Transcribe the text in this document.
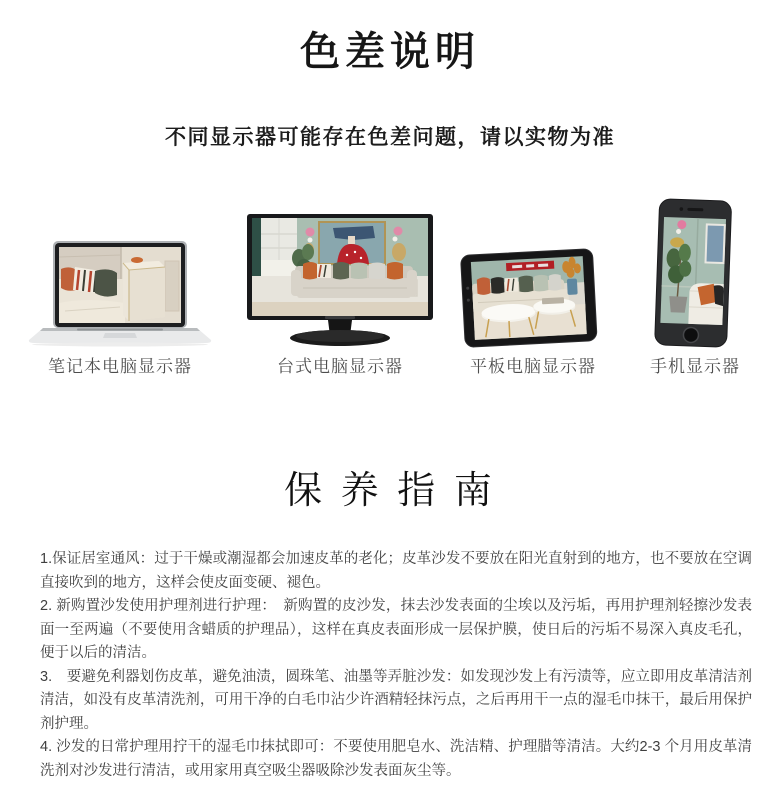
色差说明

不同显示器可能存在色差问题，请以实物为准

笔记本电脑显示器	台式电脑显示器	平板电脑显示器	手机显示器
保 养 指 南

1.保证居室通风：过于干燥或潮湿都会加速皮革的老化；皮革沙发不要放在阳光直射到的地方，也不要放在空调直接吹到的地方，这样会使皮面变硬、褪色。

2. 新购置沙发使用护理剂进行护理：　新购置的皮沙发，抹去沙发表面的尘埃以及污垢，再用护理剂轻擦沙发表面一至两遍（不要使用含蜡质的护理品），这样在真皮表面形成一层保护膜，使日后的污垢不易深入真皮毛孔，便于以后的清洁。

3.　要避免利器划伤皮革，避免油渍，圆珠笔、油墨等弄脏沙发：如发现沙发上有污渍等，应立即用皮革清洁剂清洁，如没有皮革清洗剂，可用干净的白毛巾沾少许酒精轻抹污点，之后再用干一点的湿毛巾抹干，最后用保护剂护理。

4. 沙发的日常护理用拧干的湿毛巾抹拭即可：不要使用肥皂水、洗洁精、护理腊等清洁。大约2-3 个月用皮革清洗剂对沙发进行清洁，或用家用真空吸尘器吸除沙发表面灰尘等。
